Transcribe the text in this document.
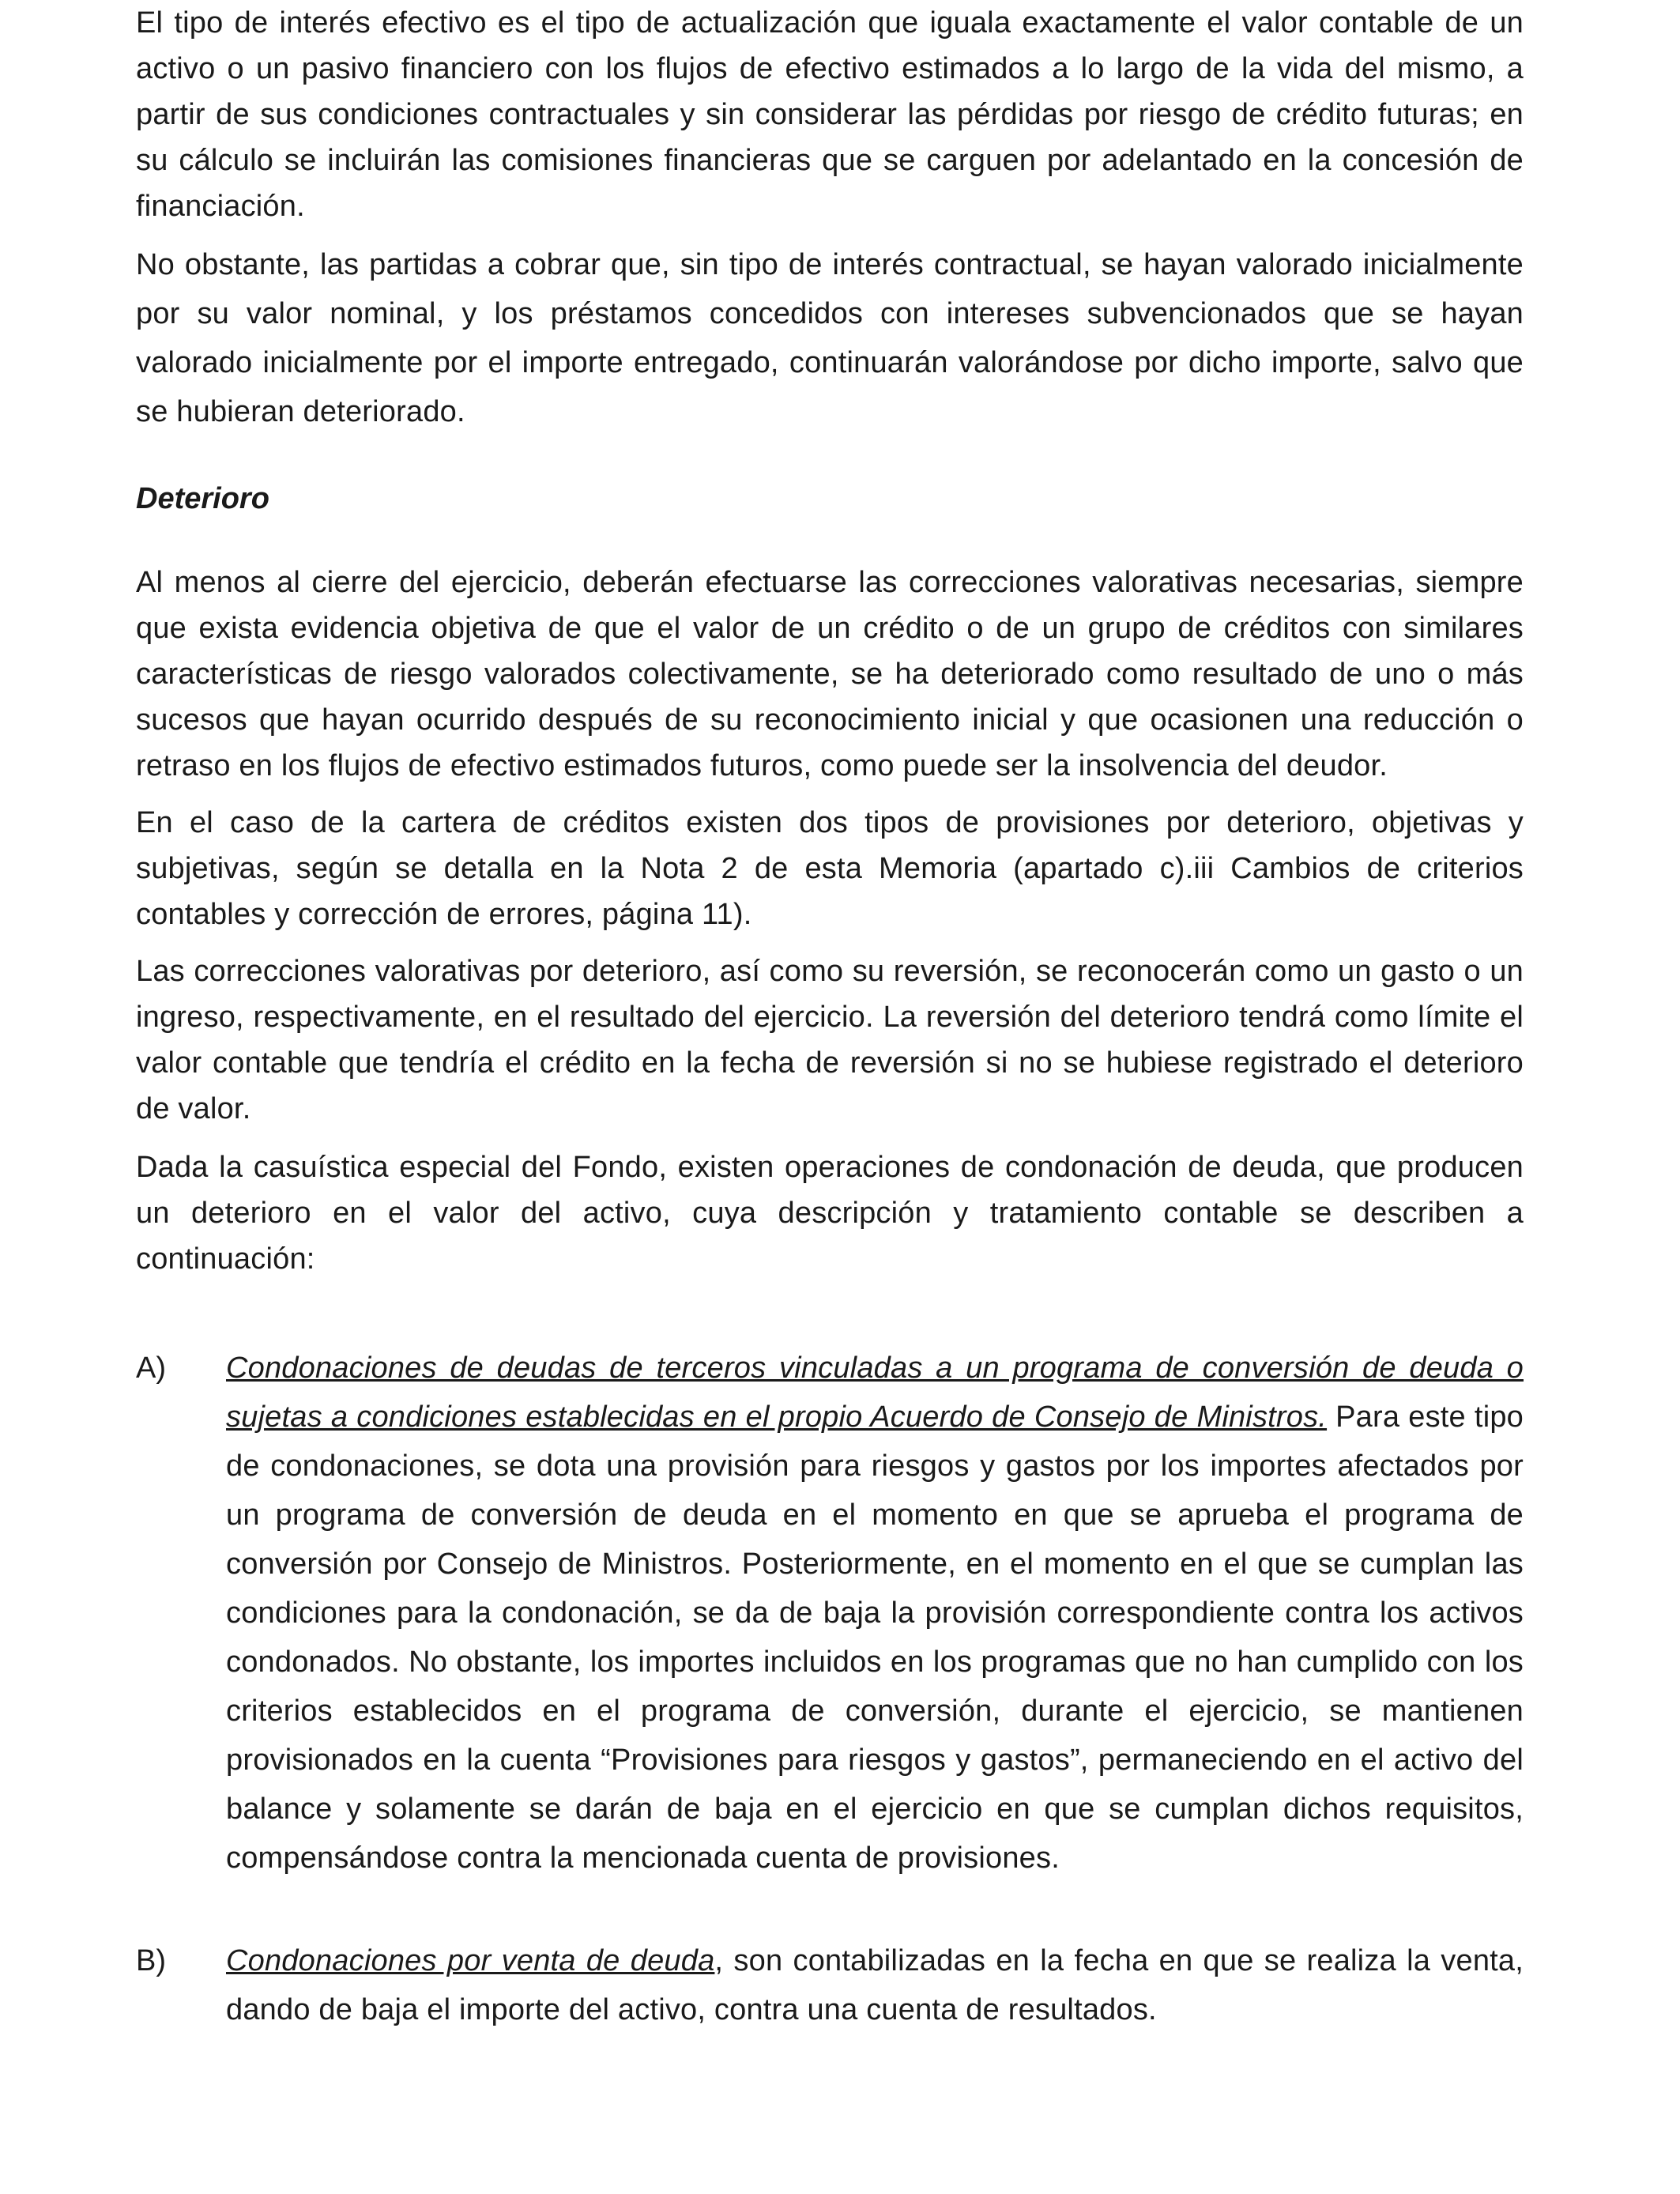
El tipo de interés efectivo es el tipo de actualización que iguala exactamente el valor contable de un activo o un pasivo financiero con los flujos de efectivo estimados a lo largo de la vida del mismo, a partir de sus condiciones contractuales y sin considerar las pérdidas por riesgo de crédito futuras; en su cálculo se incluirán las comisiones financieras que se carguen por adelantado en la concesión de financiación.

No obstante, las partidas a cobrar que, sin tipo de interés contractual, se hayan valorado inicialmente por su valor nominal, y los préstamos concedidos con intereses subvencionados que se hayan valorado inicialmente por el importe entregado, continuarán valorándose por dicho importe, salvo que se hubieran deteriorado.

Deterioro

Al menos al cierre del ejercicio, deberán efectuarse las correcciones valorativas necesarias, siempre que exista evidencia objetiva de que el valor de un crédito o de un grupo de créditos con similares características de riesgo valorados colectivamente, se ha deteriorado como resultado de uno o más sucesos que hayan ocurrido después de su reconocimiento inicial y que ocasionen una reducción o retraso en los flujos de efectivo estimados futuros, como puede ser la insolvencia del deudor.

En el caso de la cartera de créditos existen dos tipos de provisiones por deterioro, objetivas y subjetivas, según se detalla en la Nota 2 de esta Memoria (apartado c).iii Cambios de criterios contables y corrección de errores, página 11).

Las correcciones valorativas por deterioro, así como su reversión, se reconocerán como un gasto o un ingreso, respectivamente, en el resultado del ejercicio. La reversión del deterioro tendrá como límite el valor contable que tendría el crédito en la fecha de reversión si no se hubiese registrado el deterioro de valor.

Dada la casuística especial del Fondo, existen operaciones de condonación de deuda, que producen un deterioro en el valor del activo, cuya descripción y tratamiento contable se describen a continuación:

A) Condonaciones de deudas de terceros vinculadas a un programa de conversión de deuda o sujetas a condiciones establecidas en el propio Acuerdo de Consejo de Ministros. Para este tipo de condonaciones, se dota una provisión para riesgos y gastos por los importes afectados por un programa de conversión de deuda en el momento en que se aprueba el programa de conversión por Consejo de Ministros. Posteriormente, en el momento en el que se cumplan las condiciones para la condonación, se da de baja la provisión correspondiente contra los activos condonados. No obstante, los importes incluidos en los programas que no han cumplido con los criterios establecidos en el programa de conversión, durante el ejercicio, se mantienen provisionados en la cuenta “Provisiones para riesgos y gastos”, permaneciendo en el activo del balance y solamente se darán de baja en el ejercicio en que se cumplan dichos requisitos, compensándose contra la mencionada cuenta de provisiones.
B) Condonaciones por venta de deuda, son contabilizadas en la fecha en que se realiza la venta, dando de baja el importe del activo, contra una cuenta de resultados.
